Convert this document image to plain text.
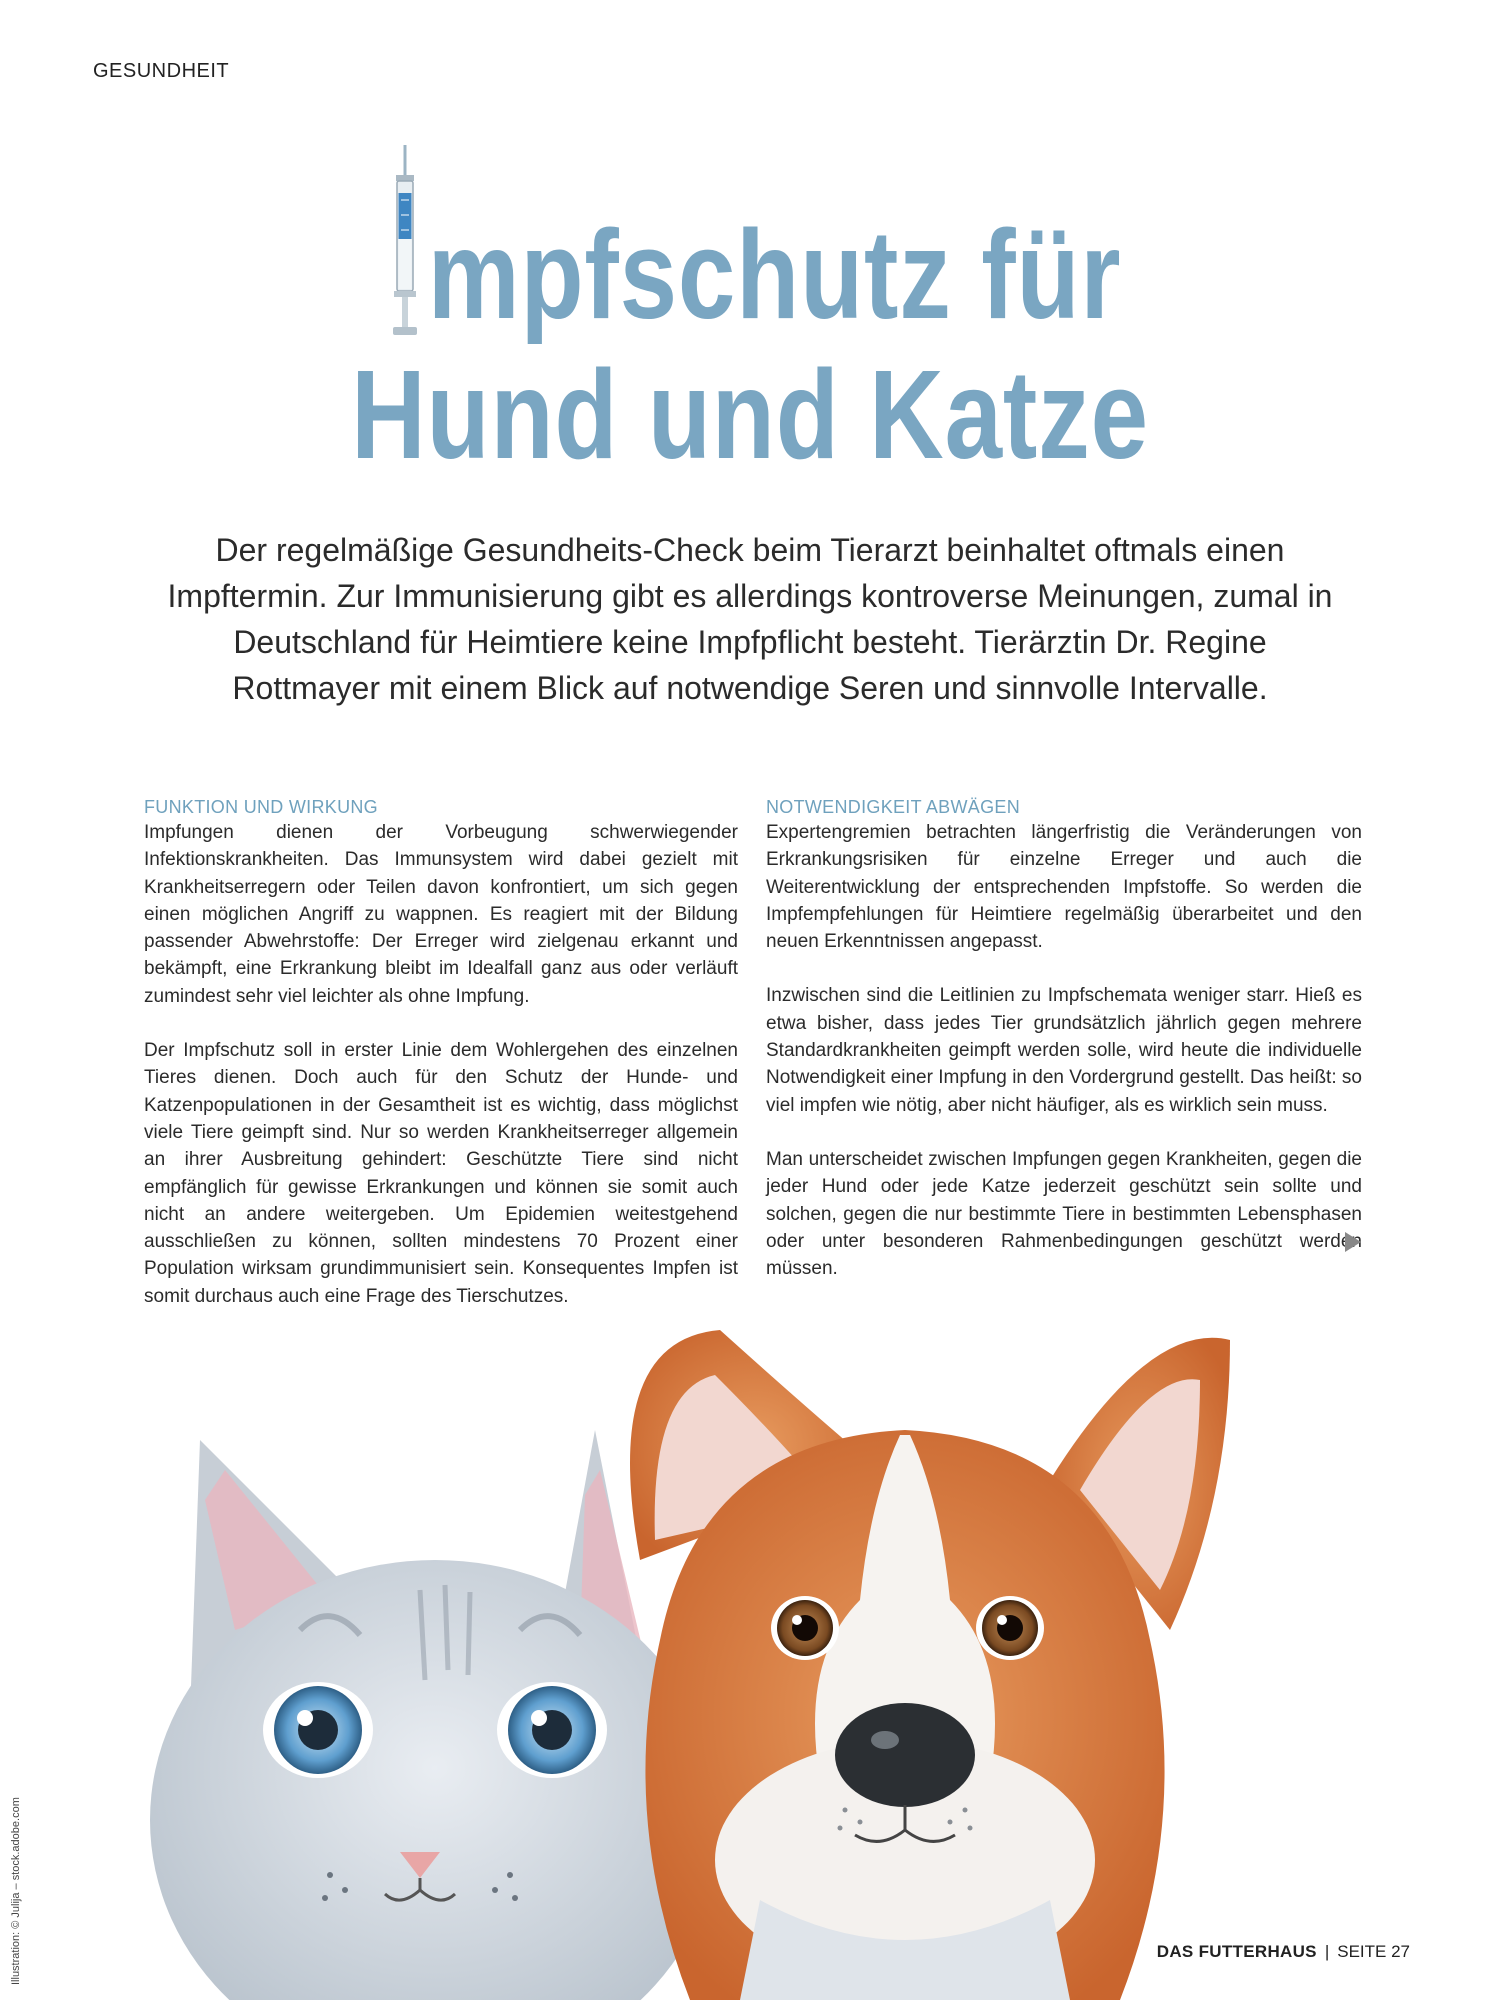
GESUNDHEIT
mpfschutz für
Hund und Katze
Der regelmäßige Gesundheits-Check beim Tierarzt beinhaltet oftmals einen Impftermin. Zur Immunisierung gibt es allerdings kontroverse Meinungen, zumal in Deutschland für Heimtiere keine Impfpflicht besteht. Tierärztin Dr. Regine Rottmayer mit einem Blick auf notwendige Seren und sinnvolle Intervalle.
FUNKTION UND WIRKUNG

Impfungen dienen der Vorbeugung schwerwiegender Infektionskrankheiten. Das Immunsystem wird dabei gezielt mit Krankheitserregern oder Teilen davon konfrontiert, um sich gegen einen möglichen Angriff zu wappnen. Es reagiert mit der Bildung passender Abwehrstoffe: Der Erreger wird zielgenau erkannt und bekämpft, eine Erkrankung bleibt im Idealfall ganz aus oder verläuft zumindest sehr viel leichter als ohne Impfung.

Der Impfschutz soll in erster Linie dem Wohlergehen des einzelnen Tieres dienen. Doch auch für den Schutz der Hunde- und Katzenpopulationen in der Gesamtheit ist es wichtig, dass möglichst viele Tiere geimpft sind. Nur so werden Krankheitserreger allgemein an ihrer Ausbreitung gehindert: Geschützte Tiere sind nicht empfänglich für gewisse Erkrankungen und können sie somit auch nicht an andere weitergeben. Um Epidemien weitestgehend ausschließen zu können, sollten mindestens 70 Prozent einer Population wirksam grundimmunisiert sein. Konsequentes Impfen ist somit durchaus auch eine Frage des Tierschutzes.

NOTWENDIGKEIT ABWÄGEN

Expertengremien betrachten längerfristig die Veränderungen von Erkrankungsrisiken für einzelne Erreger und auch die Weiterentwicklung der entsprechenden Impfstoffe. So werden die Impfempfehlungen für Heimtiere regelmäßig überarbeitet und den neuen Erkenntnissen angepasst.

Inzwischen sind die Leitlinien zu Impfschemata weniger starr. Hieß es etwa bisher, dass jedes Tier grundsätzlich jährlich gegen mehrere Standardkrankheiten geimpft werden solle, wird heute die individuelle Notwendigkeit einer Impfung in den Vordergrund gestellt. Das heißt: so viel impfen wie nötig, aber nicht häufiger, als es wirklich sein muss.

Man unterscheidet zwischen Impfungen gegen Krankheiten, gegen die jeder Hund oder jede Katze jederzeit geschützt sein sollte und solchen, gegen die nur bestimmte Tiere in bestimmten Lebensphasen oder unter besonderen Rahmenbedingungen geschützt werden müssen.

Illustration: © Julija – stock.adobe.com	DAS FUTTERHAUS | SEITE 27
